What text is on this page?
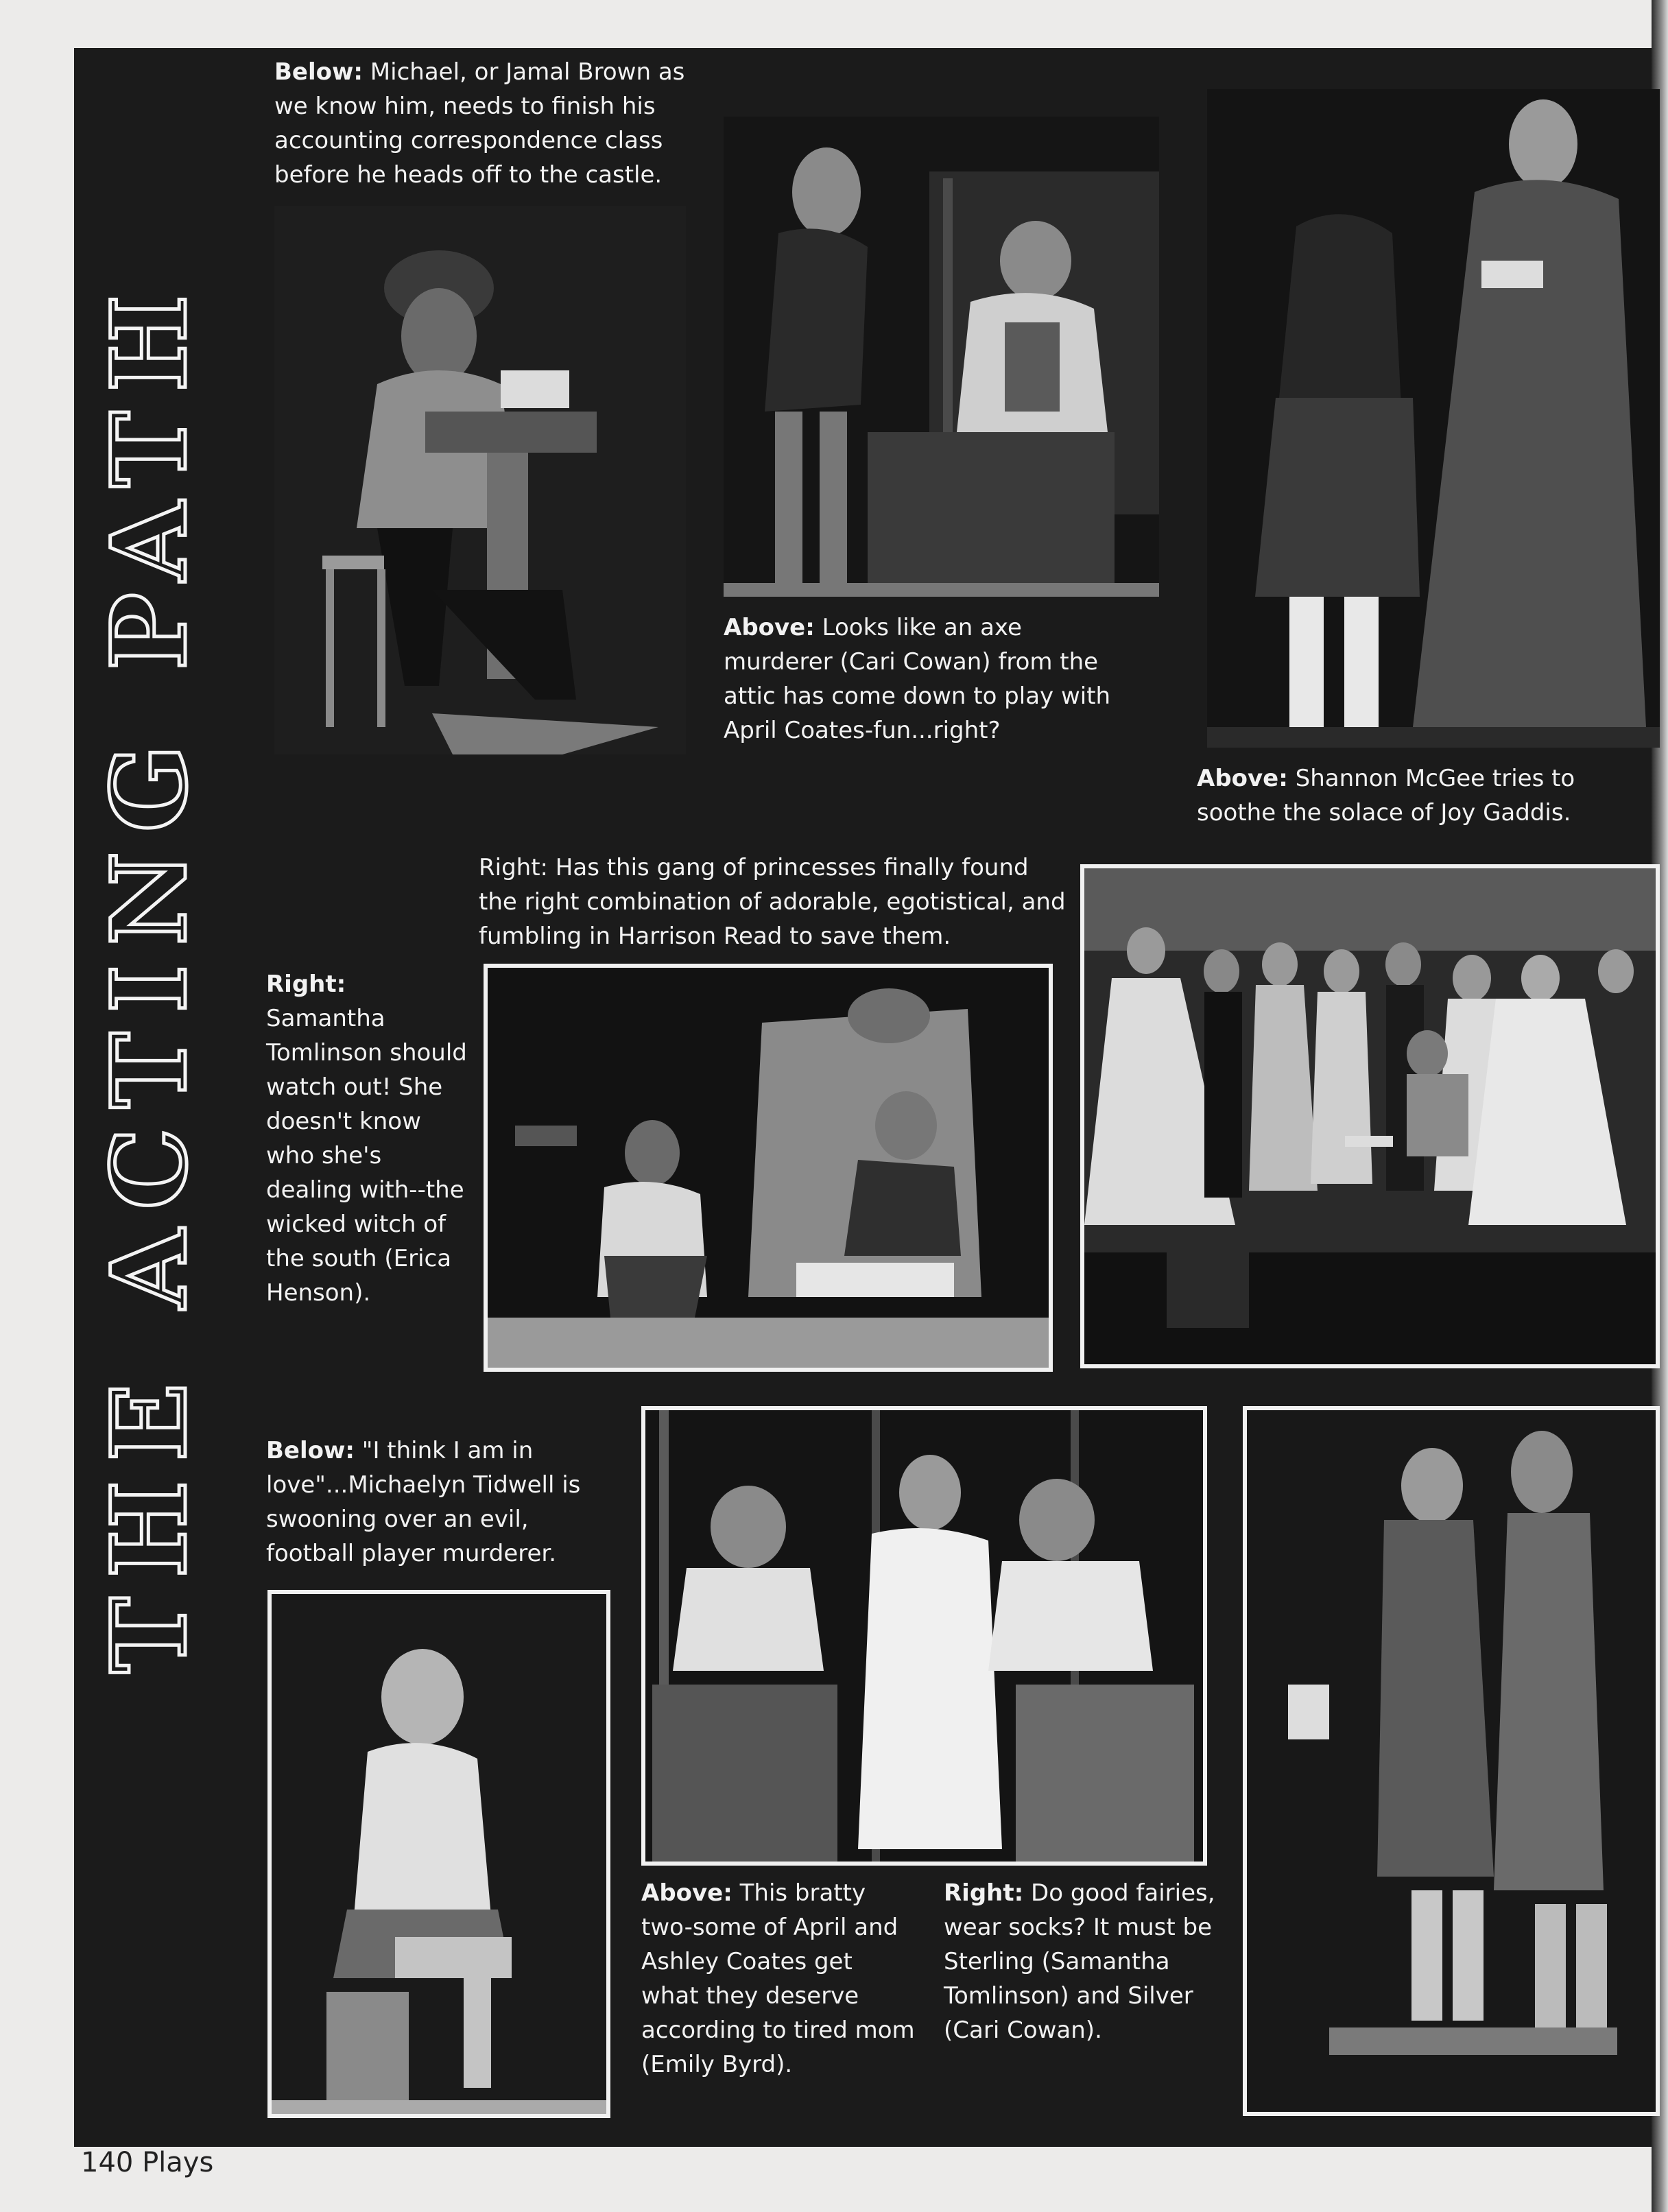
THE ACTING PATH
Below: Michael, or Jamal Brown as we know him, needs to finish his accounting correspondence class before he heads off to the castle.
Above: Looks like an axe murderer (Cari Cowan) from the attic has come down to play with April Coates-fun...right?
Above: Shannon McGee tries to soothe the solace of Joy Gaddis.
Right: Has this gang of princesses finally found the right combination of adorable, egotistical, and fumbling in Harrison Read to save them.
Right: Samantha Tomlinson should watch out! She doesn't know who she's dealing with--the wicked witch of the south (Erica Henson).
Below: "I think I am in love"...Michaelyn Tidwell is swooning over an evil, football player murderer.
Above: This bratty two-some of April and Ashley Coates get what they deserve according to tired mom (Emily Byrd).
Right: Do good fairies, wear socks? It must be Sterling (Samantha Tomlinson) and Silver (Cari Cowan).
140 Plays
